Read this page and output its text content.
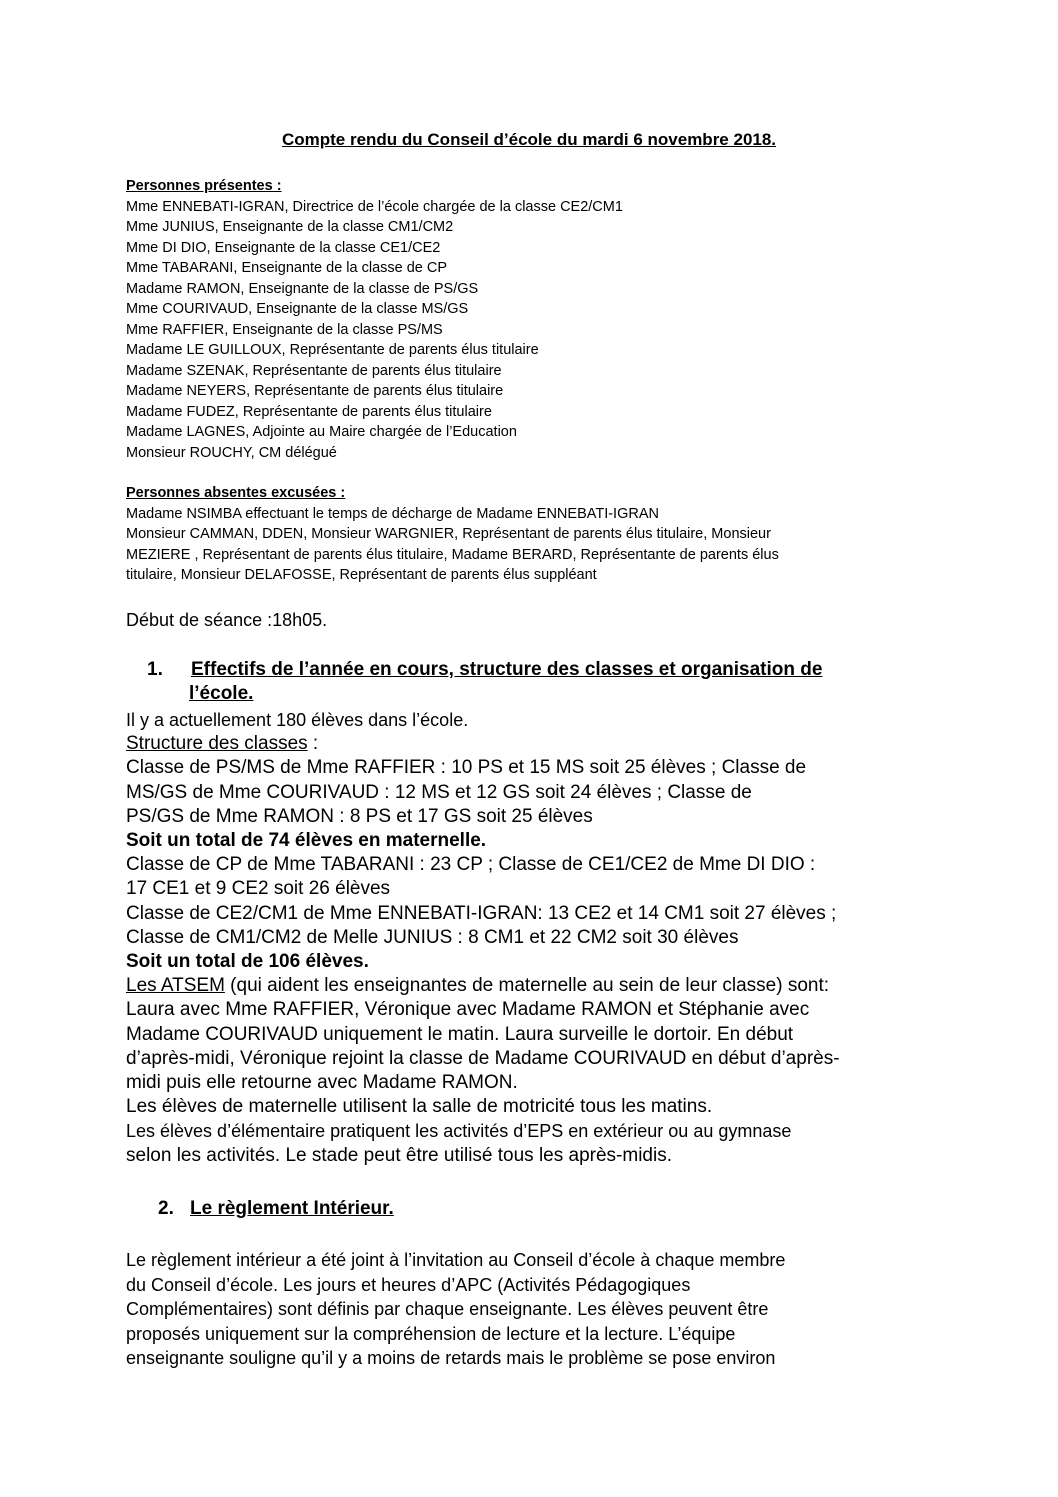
Compte rendu du Conseil d’école du mardi 6 novembre 2018.
Personnes présentes :
Mme ENNEBATI-IGRAN, Directrice de l’école chargée de la classe CE2/CM1
Mme JUNIUS, Enseignante de la classe CM1/CM2
Mme DI DIO, Enseignante de la classe CE1/CE2
Mme TABARANI, Enseignante de la classe de CP
Madame RAMON, Enseignante de la classe de PS/GS
Mme COURIVAUD, Enseignante de la classe MS/GS
Mme RAFFIER, Enseignante de la classe PS/MS
Madame LE GUILLOUX, Représentante de parents élus titulaire
Madame SZENAK, Représentante de parents élus titulaire
Madame NEYERS, Représentante de parents élus titulaire
Madame FUDEZ, Représentante de parents élus titulaire
Madame LAGNES, Adjointe au Maire chargée de l’Education
Monsieur ROUCHY, CM délégué
Personnes absentes excusées :
Madame NSIMBA effectuant le temps de décharge de Madame ENNEBATI-IGRAN
Monsieur CAMMAN, DDEN, Monsieur WARGNIER, Représentant de parents élus titulaire, Monsieur
MEZIERE , Représentant de parents élus titulaire, Madame BERARD, Représentante de parents élus
titulaire, Monsieur DELAFOSSE, Représentant de parents élus suppléant
Début de séance :18h05.
1. Effectifs de l’année en cours, structure des classes et organisation de
l’école.
Il y a actuellement 180 élèves dans l’école.
Structure des classes :
Classe de PS/MS de Mme RAFFIER : 10 PS et 15 MS soit 25 élèves ; Classe de
MS/GS de Mme COURIVAUD : 12 MS et 12 GS soit 24 élèves ; Classe de
PS/GS de Mme RAMON : 8 PS et 17 GS soit 25 élèves
Soit un total de 74 élèves en maternelle.
Classe de CP de Mme TABARANI : 23 CP ; Classe de CE1/CE2 de Mme DI DIO :
17 CE1 et 9 CE2 soit 26 élèves
Classe de CE2/CM1 de Mme ENNEBATI-IGRAN: 13 CE2 et 14 CM1 soit 27 élèves ;
Classe de CM1/CM2 de Melle JUNIUS : 8 CM1 et 22 CM2 soit 30 élèves
Soit un total de 106 élèves.
Les ATSEM (qui aident les enseignantes de maternelle au sein de leur classe) sont:
Laura avec Mme RAFFIER, Véronique avec Madame RAMON et Stéphanie avec
Madame COURIVAUD uniquement le matin. Laura surveille le dortoir. En début
d’après-midi, Véronique rejoint la classe de Madame COURIVAUD en début d’après-
midi puis elle retourne avec Madame RAMON.
Les élèves de maternelle utilisent la salle de motricité tous les matins.
Les élèves d’élémentaire pratiquent les activités d’EPS en extérieur ou au gymnase
selon les activités. Le stade peut être utilisé tous les après-midis.
2. Le règlement Intérieur.
Le règlement intérieur a été joint à l’invitation au Conseil d’école à chaque membre
du Conseil d’école. Les jours et heures d’APC (Activités Pédagogiques
Complémentaires) sont définis par chaque enseignante. Les élèves peuvent être
proposés uniquement sur la compréhension de lecture et la lecture. L’équipe
enseignante souligne qu’il y a moins de retards mais le problème se pose environ
